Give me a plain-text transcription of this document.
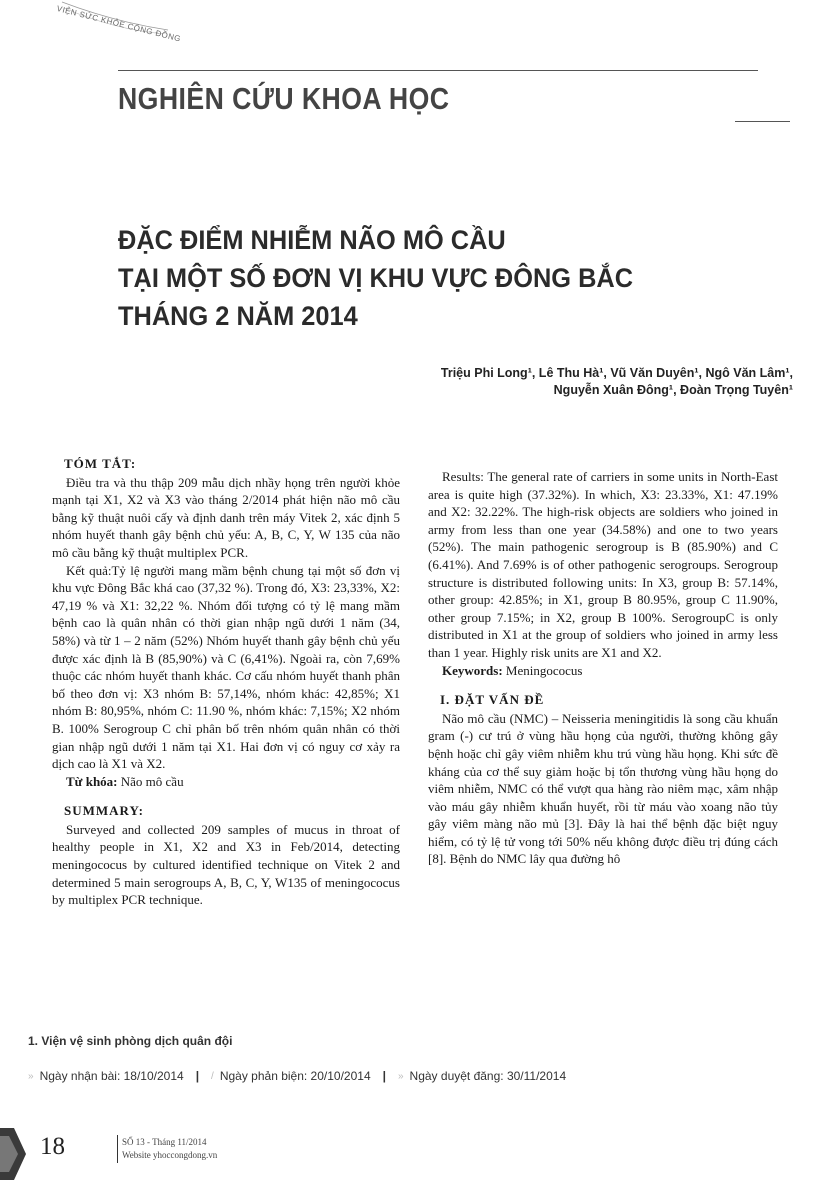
VIỆN SỨC KHỎE CỘNG ĐỒNG
NGHIÊN CỨU KHOA HỌC
ĐẶC ĐIỂM NHIỄM NÃO MÔ CẦU
TẠI MỘT SỐ ĐƠN VỊ KHU VỰC ĐÔNG BẮC
THÁNG 2 NĂM 2014
Triệu Phi Long¹, Lê Thu Hà¹, Vũ Văn Duyên¹, Ngô Văn Lâm¹,
Nguyễn Xuân Đông¹, Đoàn Trọng Tuyên¹
TÓM TẮT:

Điều tra và thu thập 209 mẫu dịch nhầy họng trên người khỏe mạnh tại X1, X2 và X3 vào tháng 2/2014 phát hiện não mô cầu bằng kỹ thuật nuôi cấy và định danh trên máy Vitek 2, xác định 5 nhóm huyết thanh gây bệnh chủ yếu: A, B, C, Y, W 135 của não mô cầu bằng kỹ thuật multiplex PCR.

Kết quả:Tỷ lệ người mang mầm bệnh chung tại một số đơn vị khu vực Đông Bắc khá cao (37,32 %). Trong đó, X3: 23,33%, X2: 47,19 % và X1: 32,22 %. Nhóm đối tượng có tỷ lệ mang mầm bệnh cao là quân nhân có thời gian nhập ngũ dưới 1 năm (34, 58%) và từ 1 – 2 năm (52%) Nhóm huyết thanh gây bệnh chủ yếu được xác định là B (85,90%) và C (6,41%). Ngoài ra, còn 7,69% thuộc các nhóm huyết thanh khác. Cơ cấu nhóm huyết thanh phân bố theo đơn vị: X3 nhóm B: 57,14%, nhóm khác: 42,85%; X1 nhóm B: 80,95%, nhóm C: 11.90 %, nhóm khác: 7,15%; X2 nhóm B. 100% Serogroup C chỉ phân bố trên nhóm quân nhân có thời gian nhập ngũ dưới 1 năm tại X1. Hai đơn vị có nguy cơ xảy ra dịch cao là X1 và X2.

Từ khóa: Não mô cầu

SUMMARY:

Surveyed and collected 209 samples of mucus in throat of healthy people in X1, X2 and X3 in Feb/2014, detecting meningococus by cultured identified technique on Vitek 2 and determined 5 main serogroups A, B, C, Y, W135 of meningococus by multiplex PCR technique.

Results: The general rate of carriers in some units in North-East area is quite high (37.32%). In which, X3: 23.33%, X1: 47.19% and X2: 32.22%. The high-risk objects are soldiers who joined in army from less than one year (34.58%) and one to two years (52%). The main pathogenic serogroup is B (85.90%) and C (6.41%). And 7.69% is of other pathogenic serogroups. Serogroup structure is distributed following units: In X3, group B: 57.14%, other group: 42.85%; in X1, group B 80.95%, group C 11.90%, other group 7.15%; in X2, group B 100%. SerogroupC is only distributed in X1 at the group of soldiers who joined in army less than 1 year. Highly risk units are X1 and X2.

Keywords: Meningococus

I. ĐẶT VẤN ĐỀ

Não mô cầu (NMC) – Neisseria meningitidis là song cầu khuẩn gram (-) cư trú ở vùng hầu họng của người, thường không gây bệnh hoặc chỉ gây viêm nhiễm khu trú vùng hầu họng. Khi sức đề kháng của cơ thể suy giảm hoặc bị tổn thương vùng hầu họng do viêm nhiễm, NMC có thể vượt qua hàng rào niêm mạc, xâm nhập vào máu gây nhiễm khuẩn huyết, rồi từ máu vào xoang não tủy gây viêm màng não mủ [3]. Đây là hai thể bệnh đặc biệt nguy hiểm, có tỷ lệ tử vong tới 50% nếu không được điều trị đúng cách [8]. Bệnh do NMC lây qua đường hô

1. Viện vệ sinh phòng dịch quân đội
» Ngày nhận bài: 18/10/2014 | / Ngày phản biện: 20/10/2014 | » Ngày duyệt đăng: 30/11/2014
18	SỐ 13 - Tháng 11/2014
Website yhoccongdong.vn
